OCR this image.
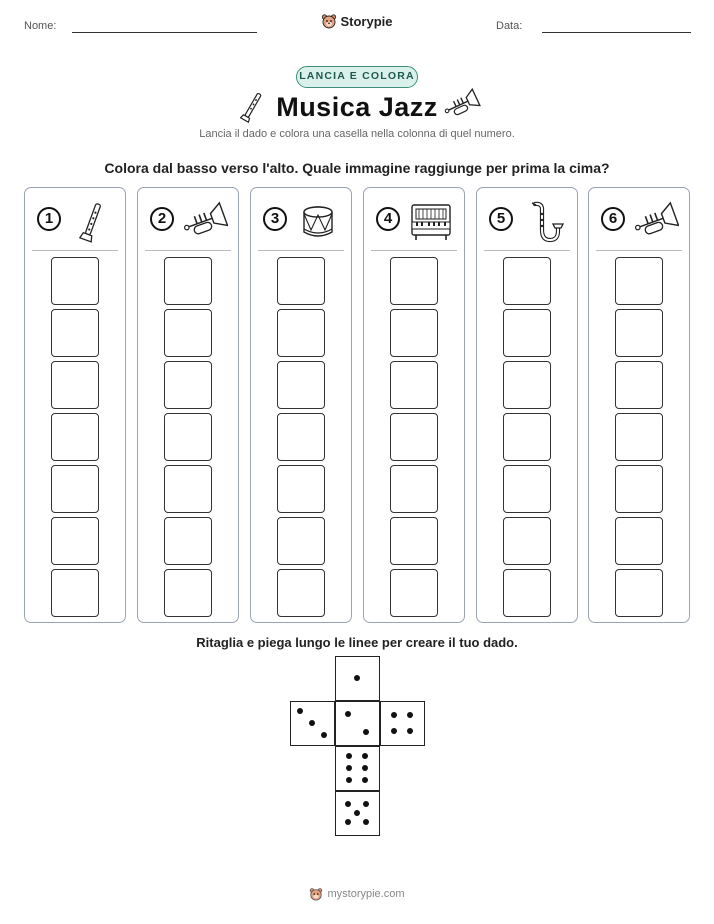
Nome:	Storypie	Data:
LANCIA E COLORA
Musica Jazz
Lancia il dado e colora una casella nella colonna di quel numero.
Colora dal basso verso l'alto. Quale immagine raggiunge per prima la cima?
1	2	3	4	5	6
Ritaglia e piega lungo le linee per creare il tuo dado.
mystorypie.com
